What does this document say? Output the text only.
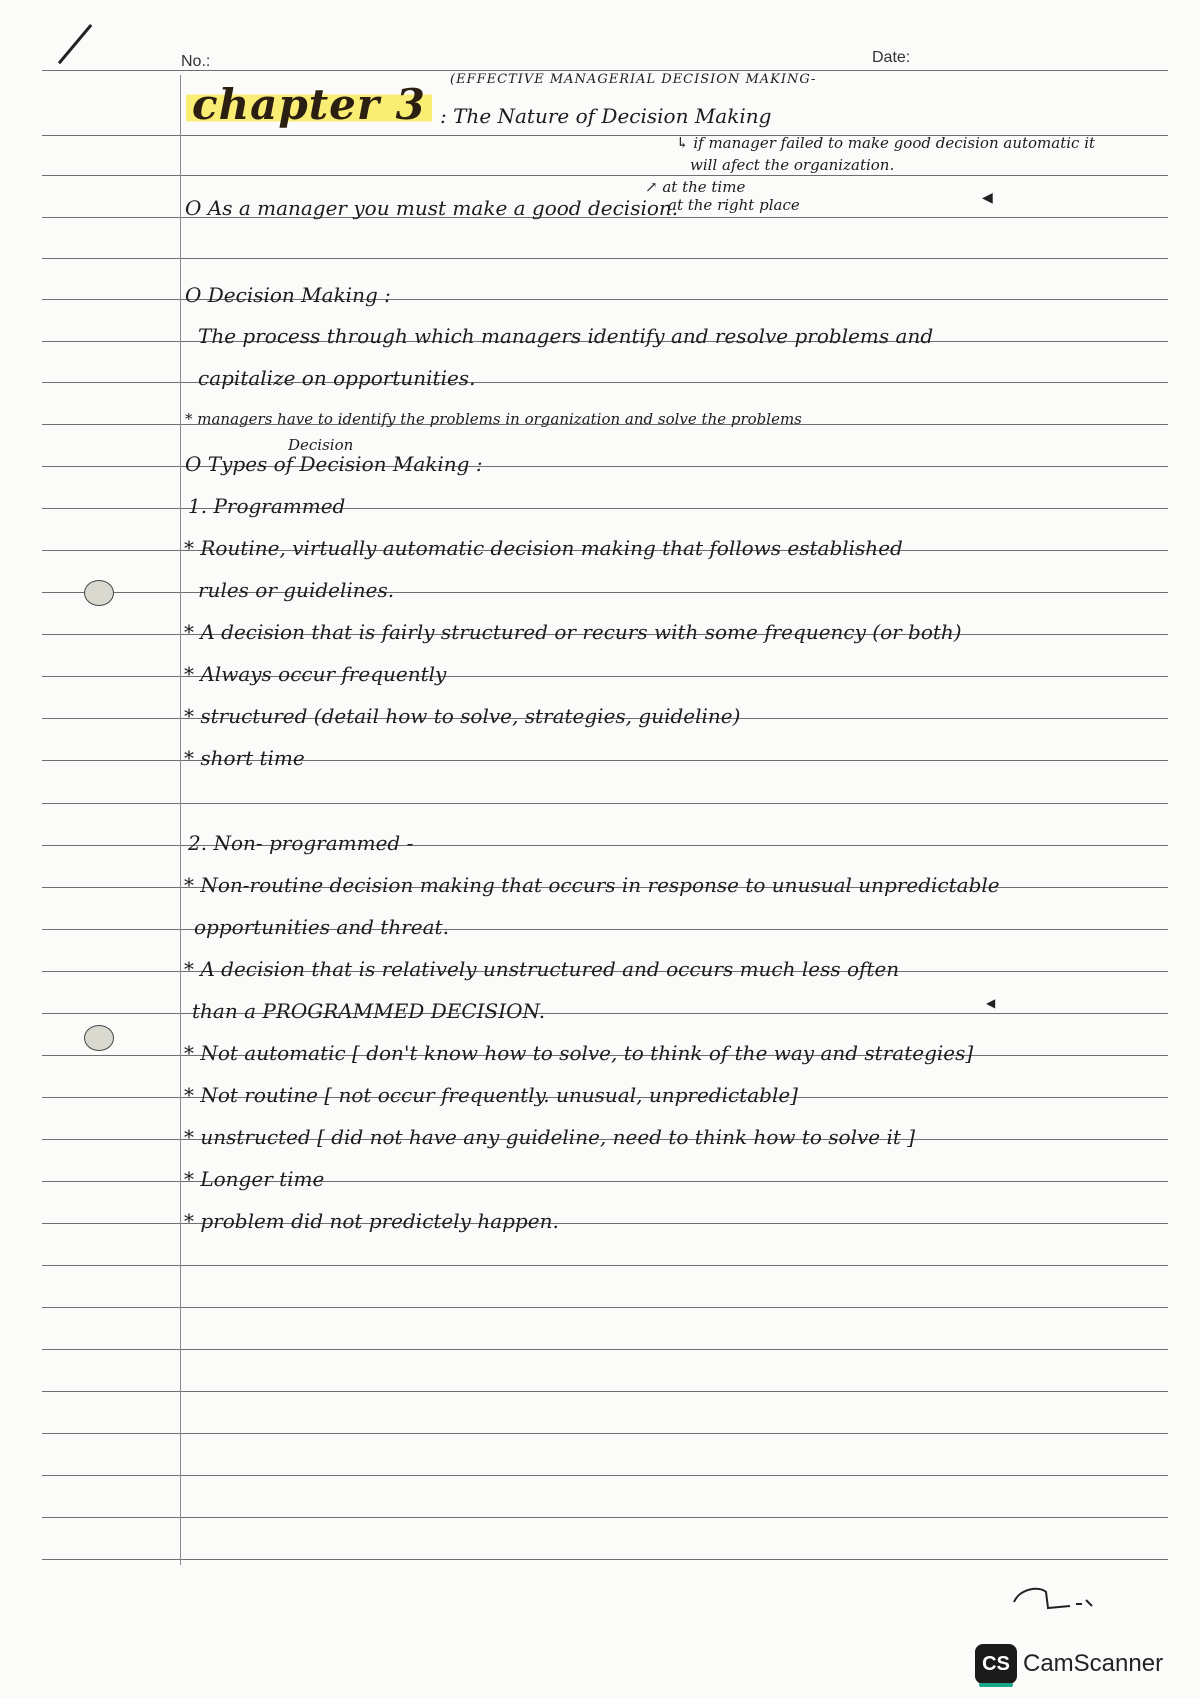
No.:	Date:
chapter 3
(EFFECTIVE MANAGERIAL DECISION MAKING-
: The Nature of Decision Making
↳ if manager failed to make good decision automatic it
will afect the organization.
↗ at the time
O As a manager you must make a good decision.
at the right place	◀
O Decision Making :
The process through which managers identify and resolve problems and
capitalize on opportunities.
* managers have to identify the problems in organization and solve the problems
Decision
O Types of Decision Making :
1. Programmed
* Routine, virtually automatic decision making that follows established
rules or guidelines.
* A decision that is fairly structured or recurs with some frequency (or both)
* Always occur frequently
* structured (detail how to solve, strategies, guideline)
* short time
2. Non- programmed -
* Non-routine decision making that occurs in response to unusual unpredictable
opportunities and threat.
* A decision that is relatively unstructured and occurs much less often
than a PROGRAMMED DECISION.	◀
* Not automatic [ don't know how to solve, to think of the way and strategies]
* Not routine [ not occur frequently. unusual, unpredictable]
* unstructed [ did not have any guideline, need to think how to solve it ]
* Longer time
* problem did not predictely happen.
CS CamScanner
